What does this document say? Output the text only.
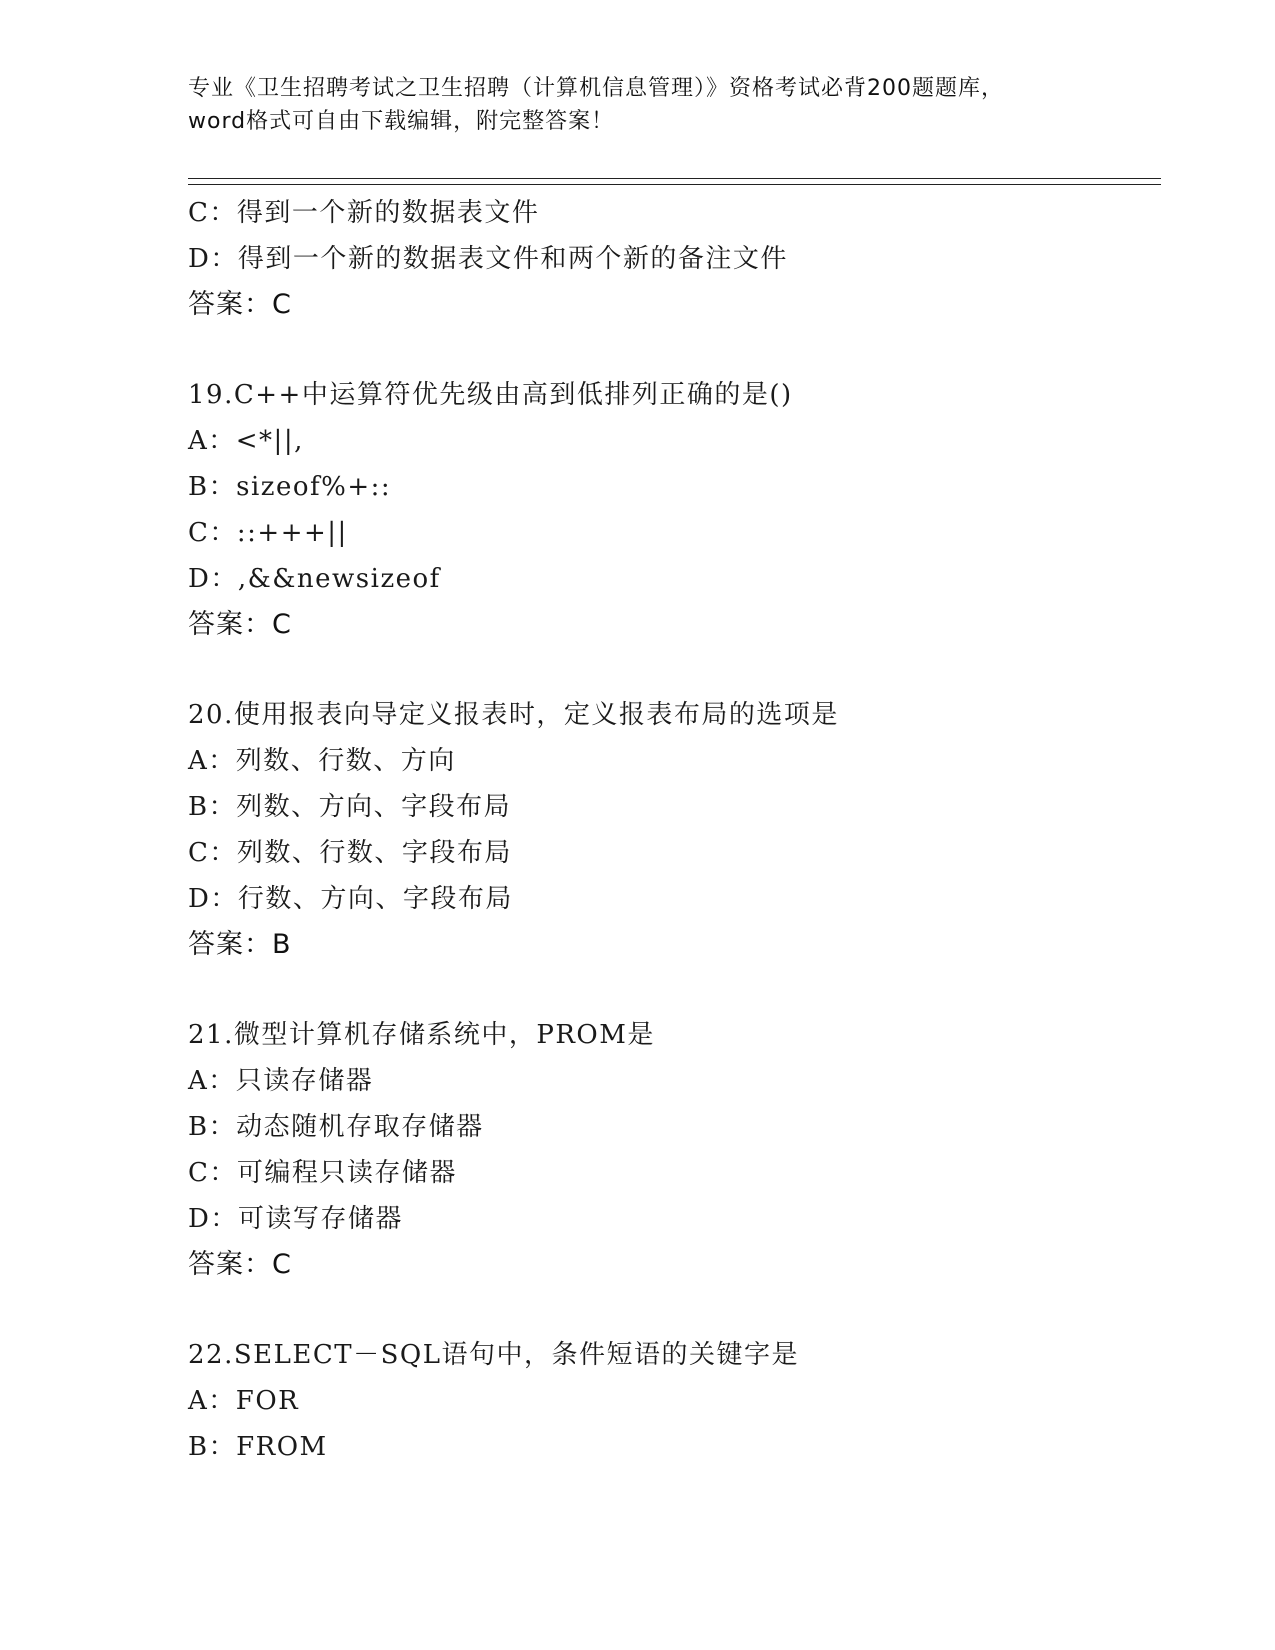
专业《卫生招聘考试之卫生招聘（计算机信息管理）》资格考试必背200题题库，
word格式可自由下载编辑，附完整答案！
C：得到一个新的数据表文件
D：得到一个新的数据表文件和两个新的备注文件
答案：C
19.C++中运算符优先级由高到低排列正确的是()
A：<*||,
B：sizeof%+::
C：::+++||
D：,&&newsizeof
答案：C
20.使用报表向导定义报表时，定义报表布局的选项是
A：列数、行数、方向
B：列数、方向、字段布局
C：列数、行数、字段布局
D：行数、方向、字段布局
答案：B
21.微型计算机存储系统中，PROM是
A：只读存储器
B：动态随机存取存储器
C：可编程只读存储器
D：可读写存储器
答案：C
22.SELECT－SQL语句中，条件短语的关键字是
A：FOR
B：FROM
